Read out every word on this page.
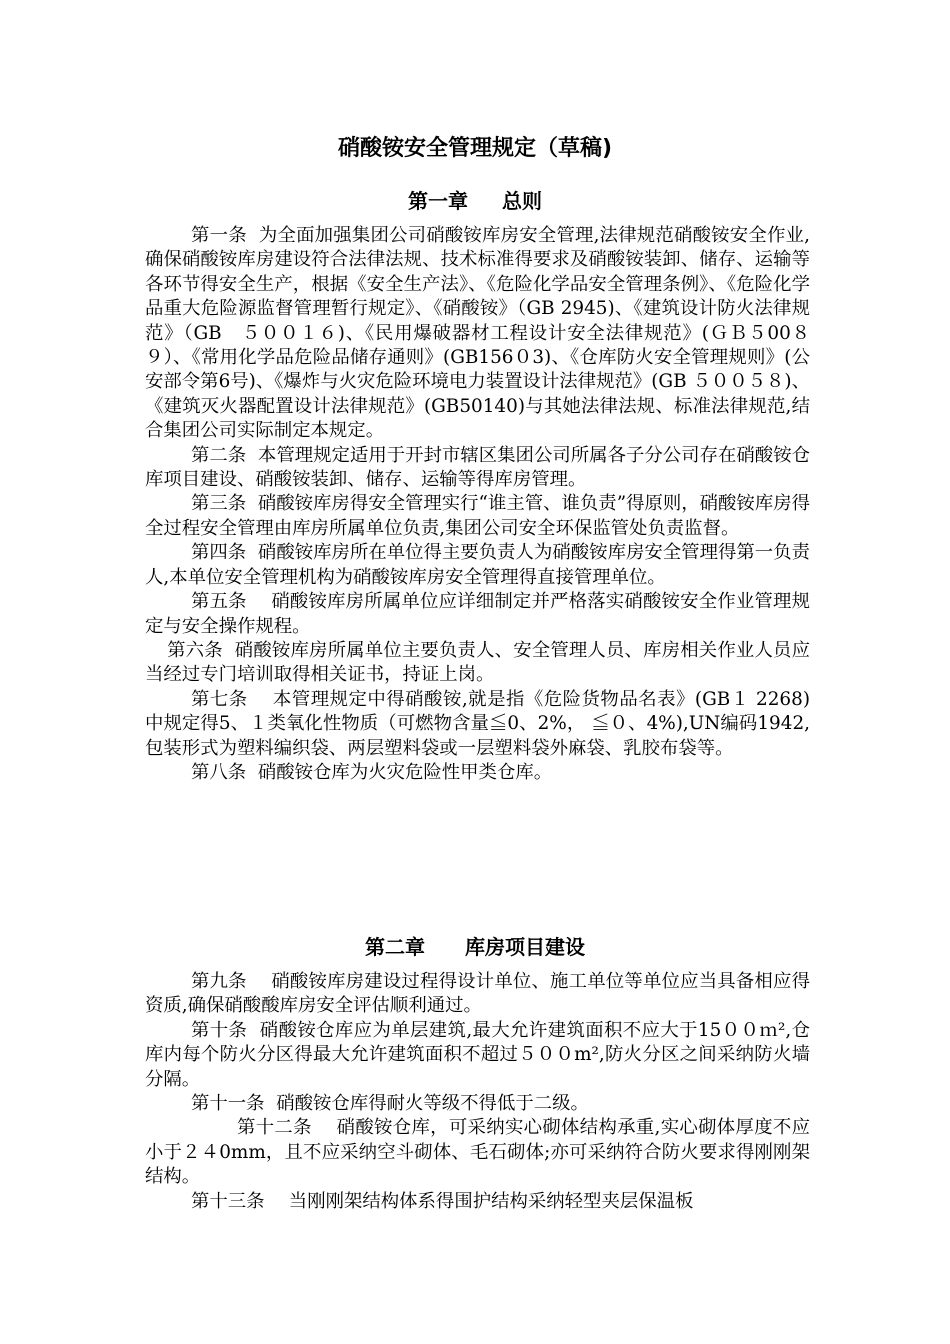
硝酸铵安全管理规定（草稿)
第一章　  总则

第一条  为全面加强集团公司硝酸铵库房安全管理,法律规范硝酸铵安全作业,确保硝酸铵库房建设符合法律法规、技术标准得要求及硝酸铵装卸、储存、运输等各环节得安全生产，根据《安全生产法》、《危险化学品安全管理条例》、《危险化学品重大危险源监督管理暂行规定》、《硝酸铵》（GB 2945)、《建筑设计防火法律规范》（GB　５００１６)、《民用爆破器材工程设计安全法律规范》(ＧＢ５00８９）、《常用化学品危险品储存通则》(GB156０3)、《仓库防火安全管理规则》(公安部令第6号)、《爆炸与火灾危险环境电力装置设计法律规范》(GB ５００５８)、《建筑灭火器配置设计法律规范》(GB50140)与其她法律法规、标准法律规范,结合集团公司实际制定本规定。

第二条  本管理规定适用于开封市辖区集团公司所属各子分公司存在硝酸铵仓库项目建设、硝酸铵装卸、储存、运输等得库房管理。

第三条  硝酸铵库房得安全管理实行“谁主管、谁负责”得原则，硝酸铵库房得全过程安全管理由库房所属单位负责,集团公司安全环保监管处负责监督。

第四条  硝酸铵库房所在单位得主要负责人为硝酸铵库房安全管理得第一负责人,本单位安全管理机构为硝酸铵库房安全管理得直接管理单位。

第五条 　硝酸铵库房所属单位应详细制定并严格落实硝酸铵安全作业管理规定与安全操作规程。

第六条  硝酸铵库房所属单位主要负责人、安全管理人员、库房相关作业人员应当经过专门培训取得相关证书，持证上岗。

第七条 　本管理规定中得硝酸铵,就是指《危险货物品名表》(GB１ 2268)中规定得5、１类氧化性物质（可燃物含量≦0、2%， ≦０、4%),UN编码1942,包装形式为塑料编织袋、两层塑料袋或一层塑料袋外麻袋、乳胶布袋等。

第八条  硝酸铵仓库为火灾危险性甲类仓库。

第二章　　库房项目建设

第九条 　硝酸铵库房建设过程得设计单位、施工单位等单位应当具备相应得资质,确保硝酸酸库房安全评估顺利通过。

第十条  硝酸铵仓库应为单层建筑,最大允许建筑面积不应大于15００ｍ²,仓库内每个防火分区得最大允许建筑面积不超过５００m²,防火分区之间采纳防火墙分隔。

第十一条  硝酸铵仓库得耐火等级不得低于二级。

第十二条 　硝酸铵仓库，可采纳实心砌体结构承重,实心砌体厚度不应小于２４0mm，且不应采纳空斗砌体、毛石砌体;亦可采纳符合防火要求得刚刚架结构。

第十三条 　当刚刚架结构体系得围护结构采纳轻型夹层保温板
